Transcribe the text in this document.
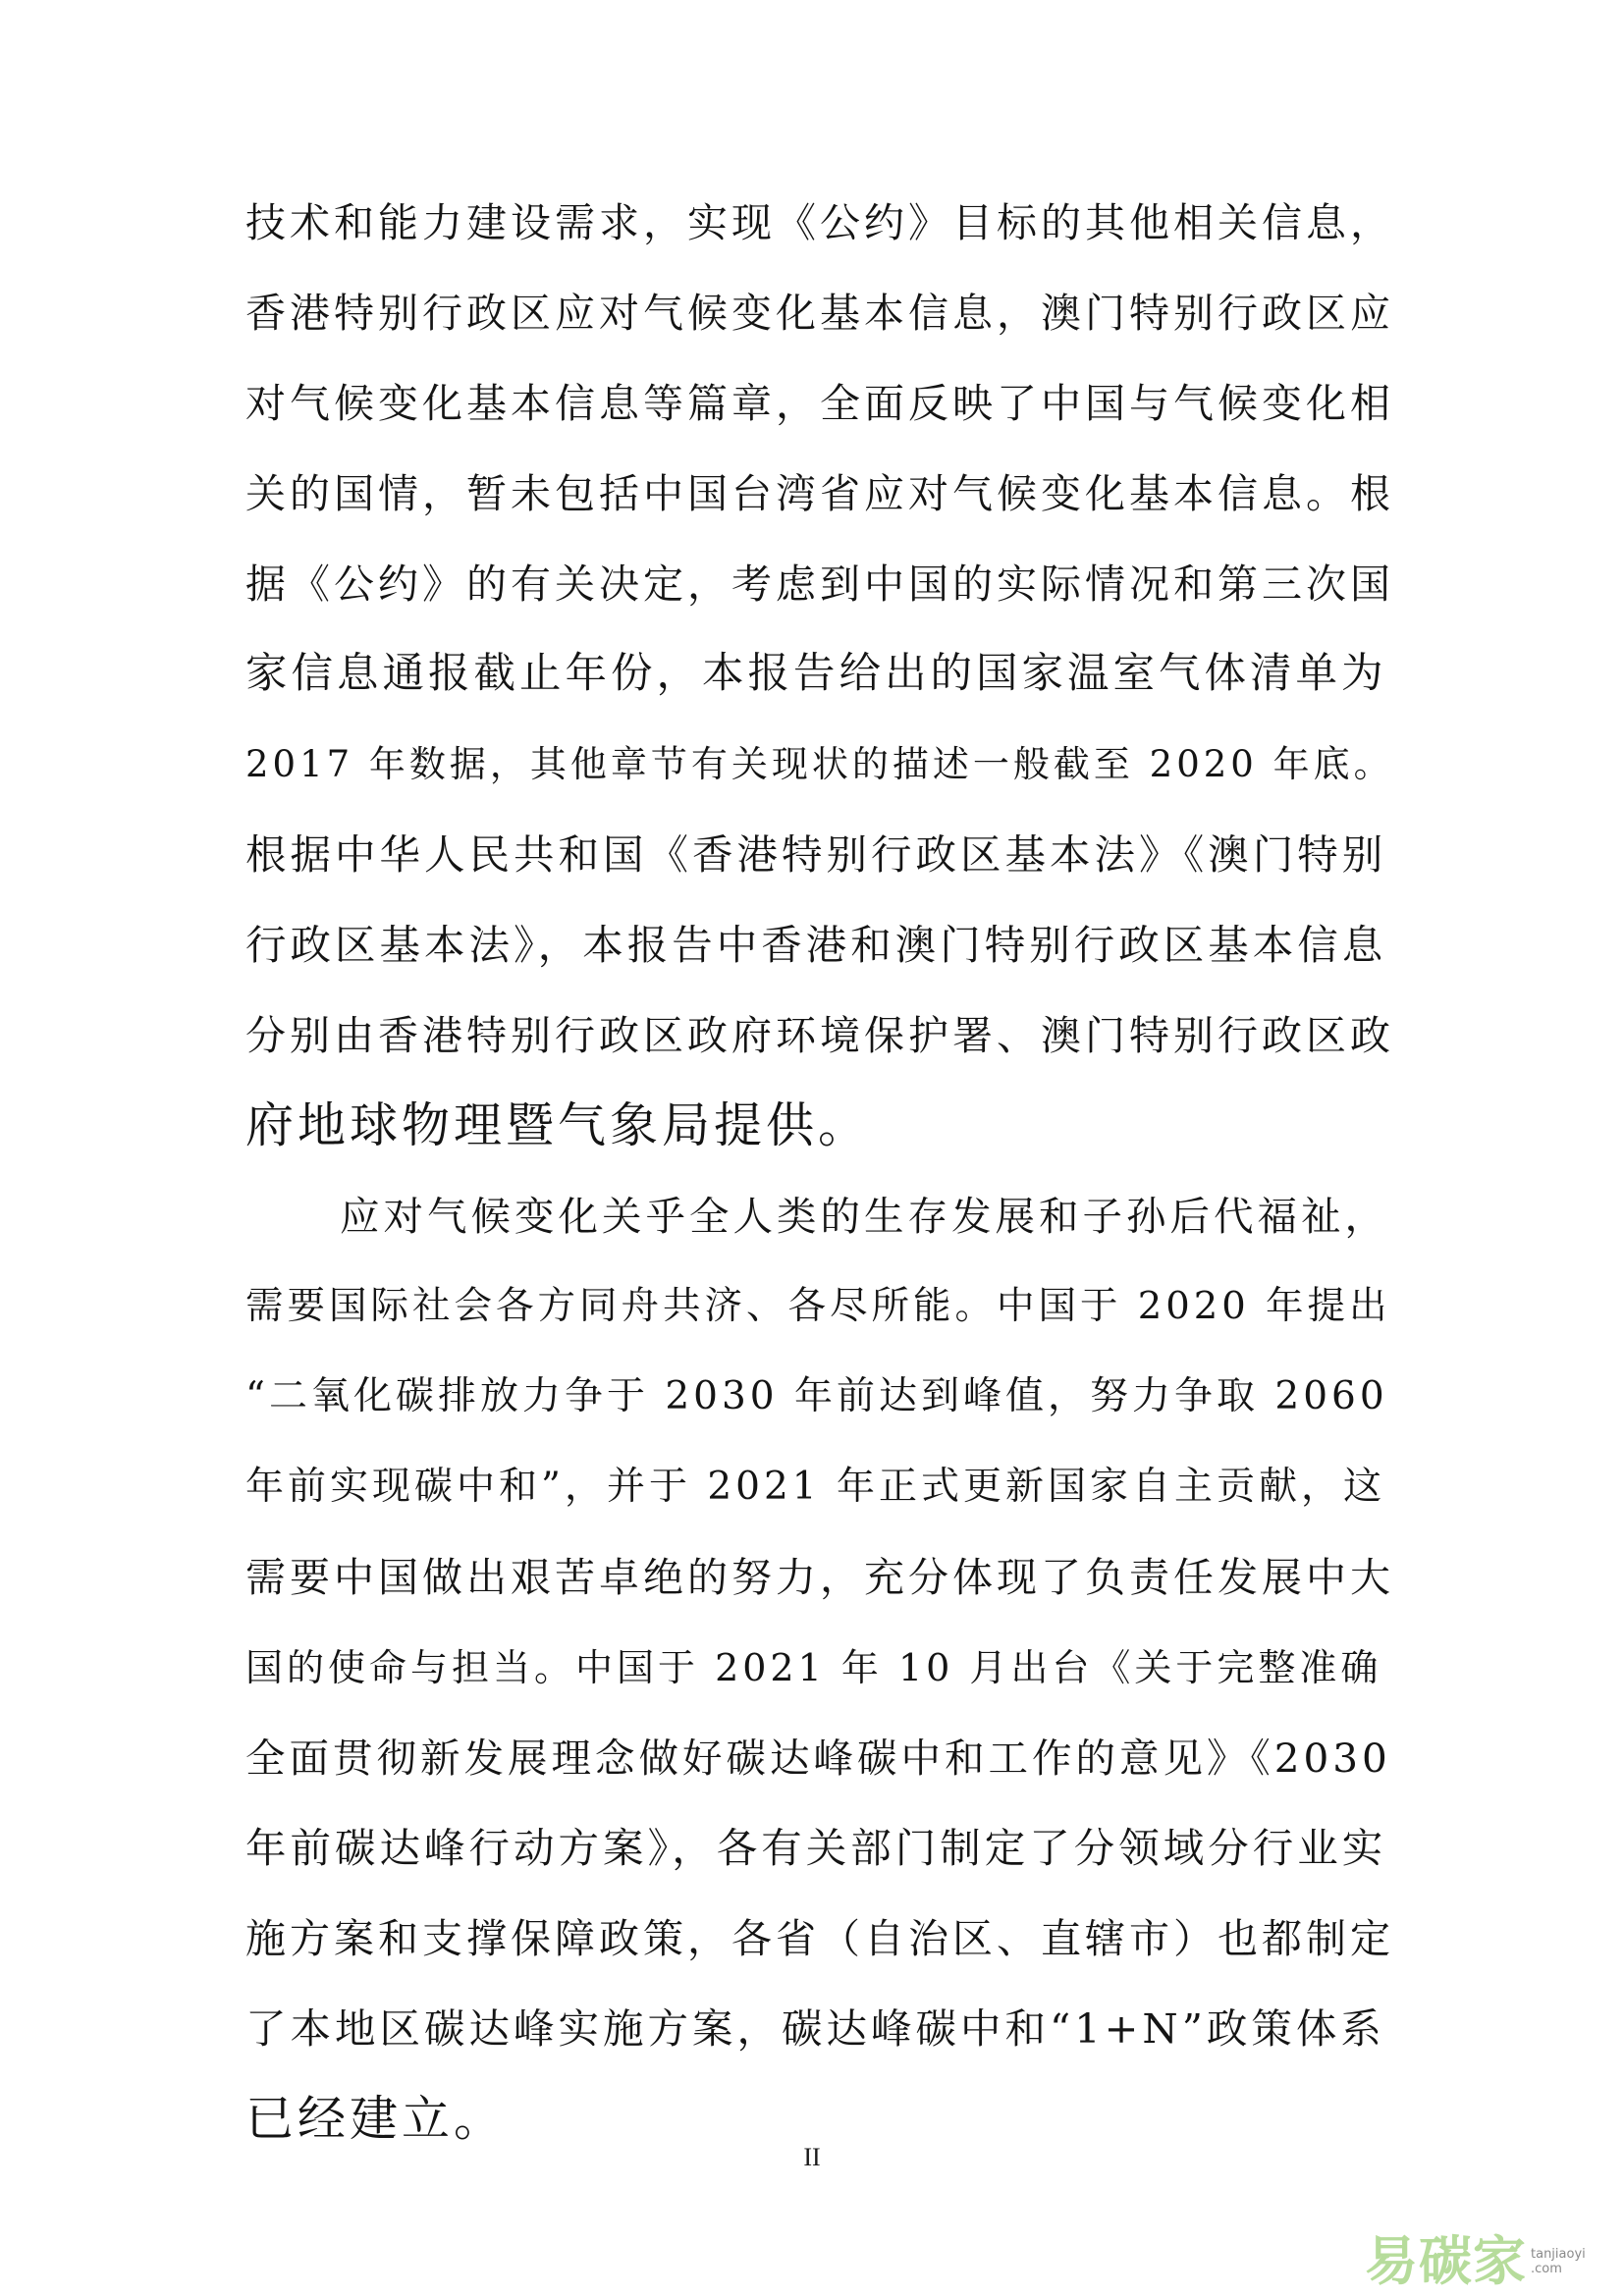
技术和能力建设需求，实现《公约》目标的其他相关信息，
香港特别行政区应对气候变化基本信息，澳门特别行政区应
对气候变化基本信息等篇章，全面反映了中国与气候变化相
关的国情，暂未包括中国台湾省应对气候变化基本信息。根
据《公约》的有关决定，考虑到中国的实际情况和第三次国
家信息通报截止年份，本报告给出的国家温室气体清单为
2017 年数据，其他章节有关现状的描述一般截至 2020 年底。
根据中华人民共和国《香港特别行政区基本法》《澳门特别
行政区基本法》，本报告中香港和澳门特别行政区基本信息
分别由香港特别行政区政府环境保护署、澳门特别行政区政
府地球物理暨气象局提供。
应对气候变化关乎全人类的生存发展和子孙后代福祉，
需要国际社会各方同舟共济、各尽所能。中国于 2020 年提出
“二氧化碳排放力争于 2030 年前达到峰值，努力争取 2060
年前实现碳中和”，并于 2021 年正式更新国家自主贡献，这
需要中国做出艰苦卓绝的努力，充分体现了负责任发展中大
国的使命与担当。中国于 2021 年 10 月出台《关于完整准确
全面贯彻新发展理念做好碳达峰碳中和工作的意见》《2030
年前碳达峰行动方案》，各有关部门制定了分领域分行业实
施方案和支撑保障政策，各省（自治区、直辖市）也都制定
了本地区碳达峰实施方案，碳达峰碳中和“1+N”政策体系
已经建立。
II
易碳家 tanjiaoyi
.com
